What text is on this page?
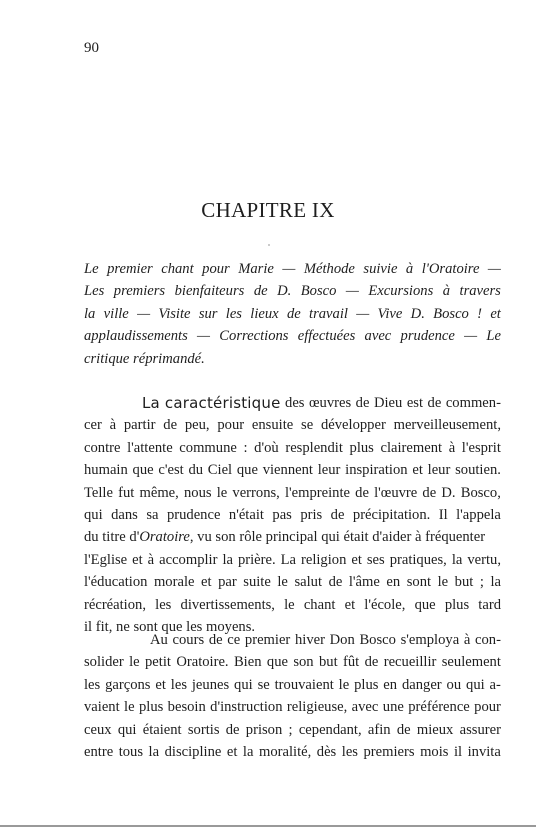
90
CHAPITRE IX
Le premier chant pour Marie — Méthode suivie à l'Oratoire —
Les premiers bienfaiteurs de D. Bosco — Excursions à travers
la ville — Visite sur les lieux de travail — Vive D. Bosco ! et
applaudissements — Corrections effectuées avec prudence — Le
critique réprimandé.
La caractéristique des œuvres de Dieu est de commen-
cer à partir de peu, pour ensuite se développer merveilleusement,
contre l'attente commune : d'où resplendit plus clairement à l'esprit
humain que c'est du Ciel que viennent leur inspiration et leur soutien.
Telle fut même, nous le verrons, l'empreinte de l'œuvre de D. Bosco,
qui dans sa prudence n'était pas pris de précipitation. Il l'appela
du titre d'Oratoire, vu son rôle principal qui était d'aider à fréquenter
l'Eglise et à accomplir la prière. La religion et ses pratiques, la vertu,
l'éducation morale et par suite le salut de l'âme en sont le but ; la
récréation, les divertissements, le chant et l'école, que plus tard
il fit, ne sont que les moyens.
Au cours de ce premier hiver Don Bosco s'employa à con-
solider le petit Oratoire. Bien que son but fût de recueillir seulement
les garçons et les jeunes qui se trouvaient le plus en danger ou qui a-
vaient le plus besoin d'instruction religieuse, avec une préférence pour
ceux qui étaient sortis de prison ; cependant, afin de mieux assurer
entre tous la discipline et la moralité, dès les premiers mois il invita
